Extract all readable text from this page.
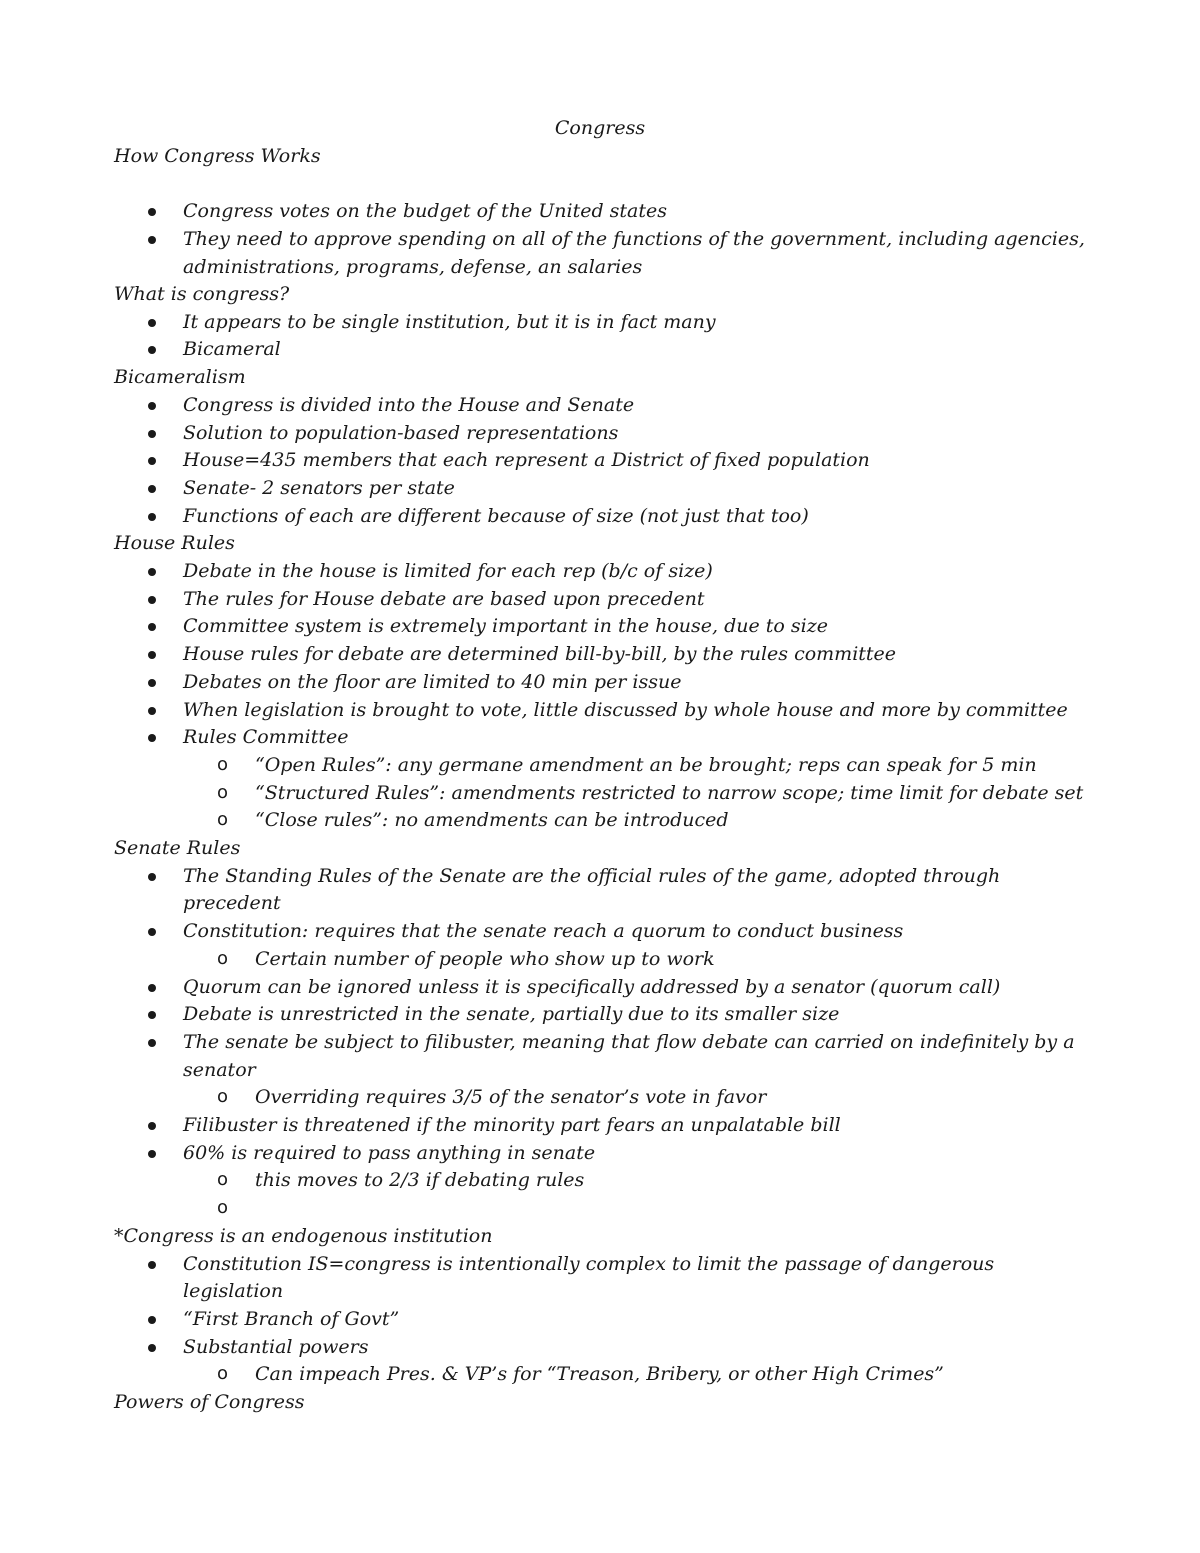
Congress
How Congress Works
Congress votes on the budget of the United states
They need to approve spending on all of the functions of the government, including agencies,
administrations, programs, defense, an salaries
What is congress?
It appears to be single institution, but it is in fact many
Bicameral
Bicameralism
Congress is divided into the House and Senate
Solution to population-based representations
House=435 members that each represent a District of fixed population
Senate- 2 senators per state
Functions of each are different because of size (not just that too)
House Rules
Debate in the house is limited for each rep (b/c of size)
The rules for House debate are based upon precedent
Committee system is extremely important in the house, due to size
House rules for debate are determined bill-by-bill, by the rules committee
Debates on the floor are limited to 40 min per issue
When legislation is brought to vote, little discussed by whole house and more by committee
Rules Committee
o “Open Rules”: any germane amendment an be brought; reps can speak for 5 min
o “Structured Rules”: amendments restricted to narrow scope; time limit for debate set
o “Close rules”: no amendments can be introduced
Senate Rules
The Standing Rules of the Senate are the official rules of the game, adopted through
precedent
Constitution: requires that the senate reach a quorum to conduct business
o Certain number of people who show up to work
Quorum can be ignored unless it is specifically addressed by a senator (quorum call)
Debate is unrestricted in the senate, partially due to its smaller size
The senate be subject to filibuster, meaning that flow debate can carried on indefinitely by a
senator
o Overriding requires 3/5 of the senator’s vote in favor
Filibuster is threatened if the minority part fears an unpalatable bill
60% is required to pass anything in senate
o this moves to 2/3 if debating rules
o
*Congress is an endogenous institution
Constitution IS=congress is intentionally complex to limit the passage of dangerous
legislation
“First Branch of Govt”
Substantial powers
o Can impeach Pres. & VP’s for “Treason, Bribery, or other High Crimes”
Powers of Congress
